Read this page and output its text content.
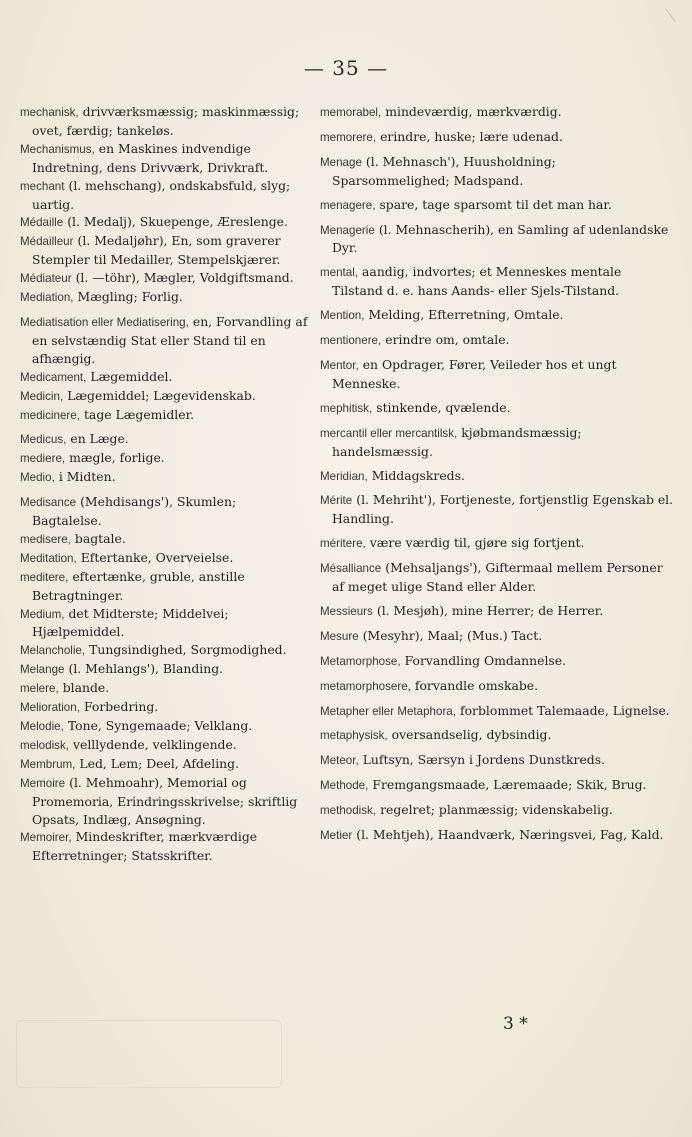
— 35 —

mechanisk, drivværksmæssig; maskinmæssig; ovet, færdig; tankeløs.

Mechanismus, en Maskines indvendige Indretning, dens Drivværk, Drivkraft.

mechant (l. mehschang), ondskabsfuld, slyg; uartig.

Médaille (l. Medalj), Skuepenge, Æreslenge.

Médailleur (l. Medaljøhr), En, som graverer Stempler til Medailler, Stempelskjærer.

Médiateur (l. —töhr), Mægler, Voldgiftsmand.

Mediation, Mægling; Forlig.

Mediatisation eller Mediatisering, en, Forvandling af en selvstændig Stat eller Stand til en afhængig.

Medicament, Lægemiddel.

Medicin, Lægemiddel; Lægevidenskab.

medicinere, tage Lægemidler.

Medicus, en Læge.

mediere, mægle, forlige.

Medio, i Midten.

Medisance (Mehdisangs'), Skumlen; Bagtalelse.

medisere, bagtale.

Meditation, Eftertanke, Overveielse.

meditere, eftertænke, gruble, anstille Betragtninger.

Medium, det Midterste; Middelvei; Hjælpemiddel.

Melancholie, Tungsindighed, Sorgmodighed.

Melange (l. Mehlangs'), Blanding.

melere, blande.

Melioration, Forbedring.

Melodie, Tone, Syngemaade; Velklang.

melodisk, velllydende, velklingende.

Membrum, Led, Lem; Deel, Afdeling.

Memoire (l. Mehmoahr), Memorial og Promemoria, Erindringsskrivelse; skriftlig Opsats, Indlæg, Ansøgning.

Memoirer, Mindeskrifter, mærkværdige Efterretninger; Statsskrifter.

memorabel, mindeværdig, mærkværdig.

memorere, erindre, huske; lære udenad.

Menage (l. Mehnasch'), Huusholdning; Sparsommelighed; Madspand.

menagere, spare, tage sparsomt til det man har.

Menagerie (l. Mehnascherih), en Samling af udenlandske Dyr.

mental, aandig, indvortes; et Menneskes mentale Tilstand d. e. hans Aands- eller Sjels-Tilstand.

Mention, Melding, Efterretning, Omtale.

mentionere, erindre om, omtale.

Mentor, en Opdrager, Fører, Veileder hos et ungt Menneske.

mephitisk, stinkende, qvælende.

mercantil eller mercantilsk, kjøbmandsmæssig; handelsmæssig.

Meridian, Middagskreds.

Mérite (l. Mehriht'), Fortjeneste, fortjenstlig Egenskab el. Handling.

méritere, være værdig til, gjøre sig fortjent.

Mésalliance (Mehsaljangs'), Giftermaal mellem Personer af meget ulige Stand eller Alder.

Messieurs (l. Mesjøh), mine Herrer; de Herrer.

Mesure (Mesyhr), Maal; (Mus.) Tact.

Metamorphose, Forvandling Omdannelse.

metamorphosere, forvandle omskabe.

Metapher eller Metaphora, forblommet Talemaade, Lignelse.

metaphysisk, oversandselig, dybsindig.

Meteor, Luftsyn, Særsyn i Jordens Dunstkreds.

Methode, Fremgangsmaade, Læremaade; Skik, Brug.

methodisk, regelret; planmæssig; videnskabelig.

Metier (l. Mehtjeh), Haandværk, Næringsvei, Fag, Kald.

3 *
